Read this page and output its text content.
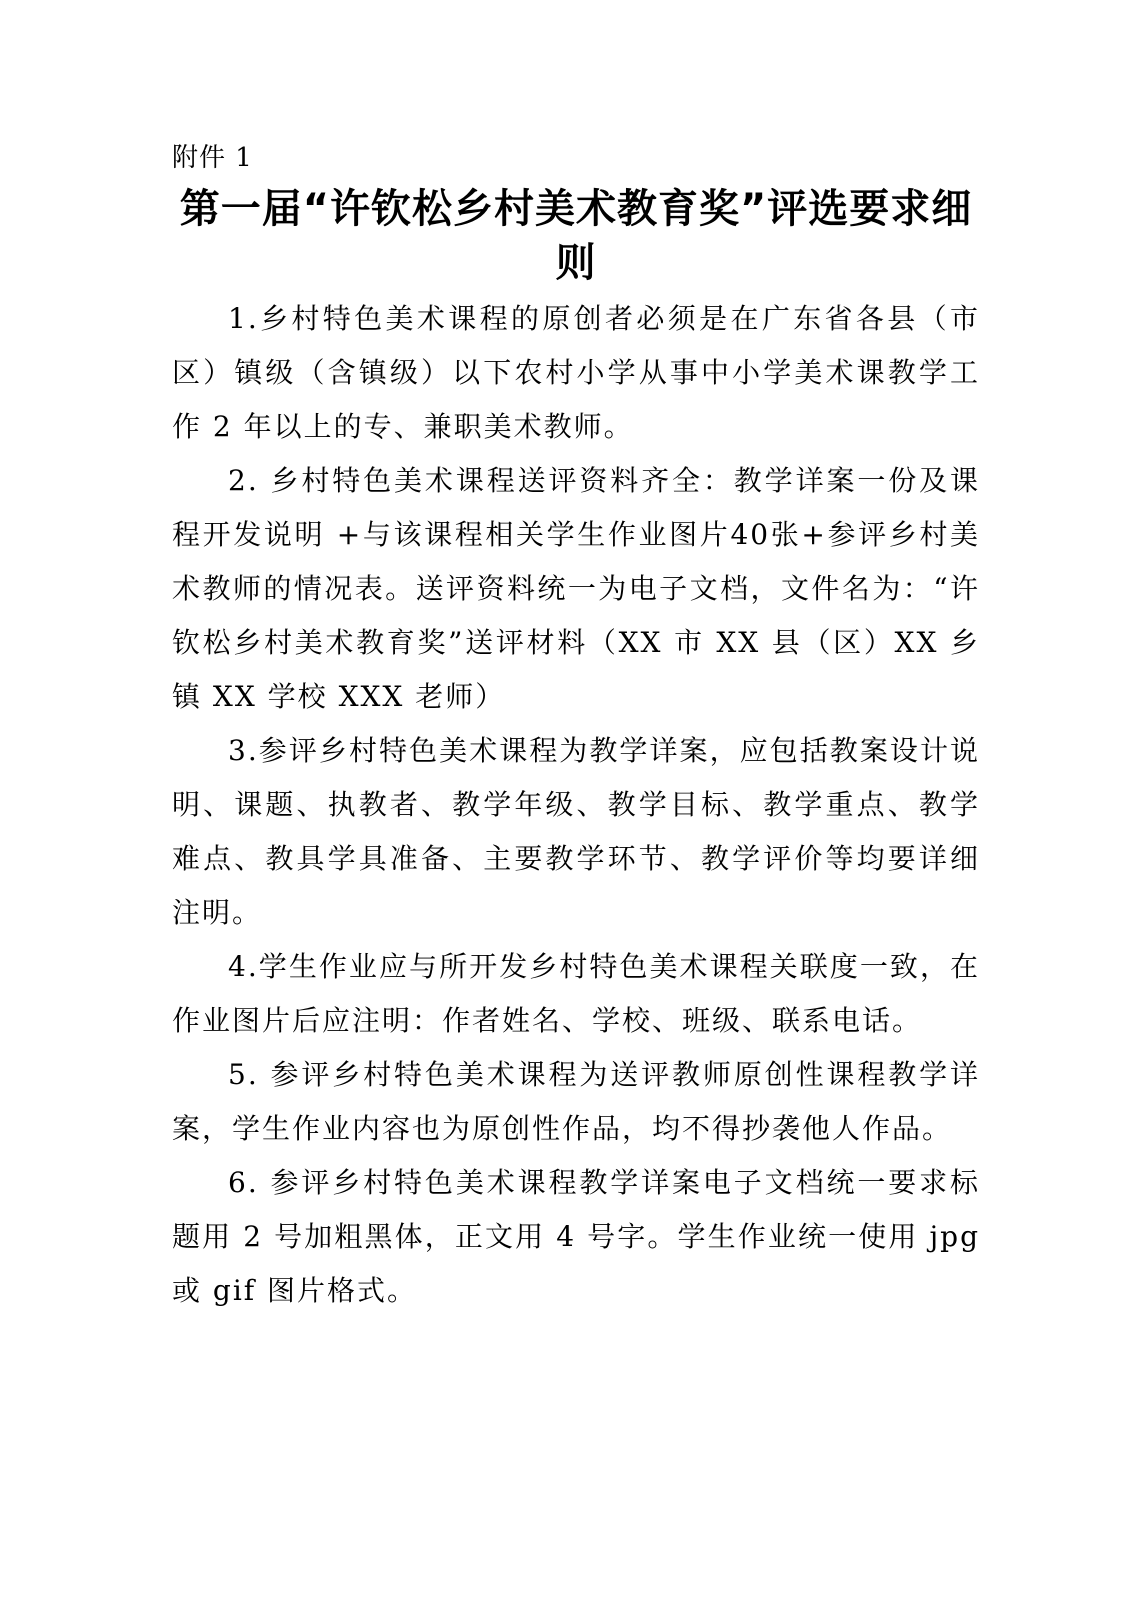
附件 1

第一届“许钦松乡村美术教育奖”评选要求细则

1.乡村特色美术课程的原创者必须是在广东省各县（市区）镇级（含镇级）以下农村小学从事中小学美术课教学工作 2 年以上的专、兼职美术教师。

2. 乡村特色美术课程送评资料齐全：教学详案一份及课程开发说明 +与该课程相关学生作业图片40张+参评乡村美术教师的情况表。送评资料统一为电子文档，文件名为：“许钦松乡村美术教育奖”送评材料（XX 市 XX 县（区）XX 乡镇 XX 学校 XXX 老师）

3.参评乡村特色美术课程为教学详案，应包括教案设计说明、课题、执教者、教学年级、教学目标、教学重点、教学难点、教具学具准备、主要教学环节、教学评价等均要详细注明。

4.学生作业应与所开发乡村特色美术课程关联度一致，在作业图片后应注明：作者姓名、学校、班级、联系电话。

5. 参评乡村特色美术课程为送评教师原创性课程教学详案，学生作业内容也为原创性作品，均不得抄袭他人作品。

6. 参评乡村特色美术课程教学详案电子文档统一要求标题用 2 号加粗黑体，正文用 4 号字。学生作业统一使用 jpg 或 gif 图片格式。
